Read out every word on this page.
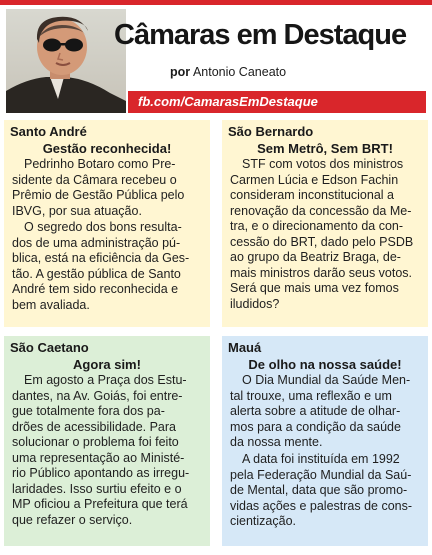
Câmaras em Destaque
por Antonio Caneato
fb.com/CamarasEmDestaque
Santo André
Gestão reconhecida!

Pedrinho Botaro como Pre-
sidente da Câmara recebeu o
Prêmio de Gestão Pública pelo
IBVG, por sua atuação.

O segredo dos bons resulta-
dos de uma administração pú-
blica, está na eficiência da Ges-
tão. A gestão pública de Santo
André tem sido reconhecida e
bem avaliada.

São Bernardo
Sem Metrô, Sem BRT!

STF com votos dos ministros
Carmen Lúcia e Edson Fachin
consideram inconstitucional a
renovação da concessão da Me-
tra, e o direcionamento da con-
cessão do BRT, dado pelo PSDB
ao grupo da Beatriz Braga, de-
mais ministros darão seus votos.
Será que mais uma vez fomos
iludidos?

São Caetano
Agora sim!

Em agosto a Praça dos Estu-
dantes, na Av. Goiás, foi entre-
gue totalmente fora dos pa-
drões de acessibilidade. Para
solucionar o problema foi feito
uma representação ao Ministé-
rio Público apontando as irregu-
laridades. Isso surtiu efeito e o
MP oficiou a Prefeitura que terá
que refazer o serviço.

Mauá
De olho na nossa saúde!

O Dia Mundial da Saúde Men-
tal trouxe, uma reflexão e um
alerta sobre a atitude de olhar-
mos para a condição da saúde
da nossa mente.

A data foi instituída em 1992
pela Federação Mundial da Saú-
de Mental, data que são promo-
vidas ações e palestras de cons-
cientização.
